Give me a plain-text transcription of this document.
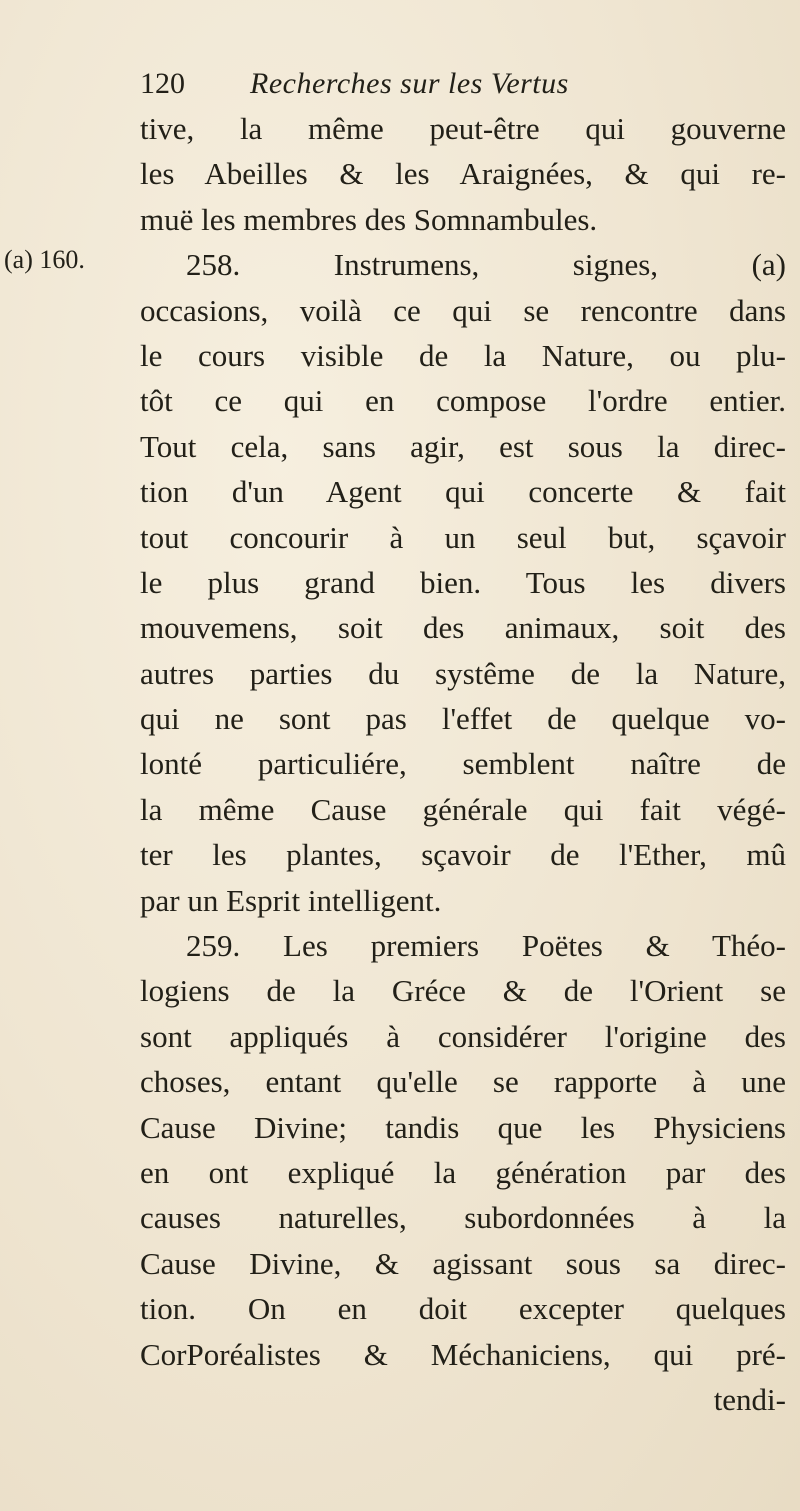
120 Recherches sur les Vertus
(a) 160.
tive, la même peut-être qui gouverne
les Abeilles & les Araignées, & qui re-
muë les membres des Somnambules.
258. Instrumens, signes, (a)
occasions, voilà ce qui se rencontre dans
le cours visible de la Nature, ou plu-
tôt ce qui en compose l'ordre entier.
Tout cela, sans agir, est sous la direc-
tion d'un Agent qui concerte & fait
tout concourir à un seul but, sçavoir
le plus grand bien. Tous les divers
mouvemens, soit des animaux, soit des
autres parties du systême de la Nature,
qui ne sont pas l'effet de quelque vo-
lonté particuliére, semblent naître de
la même Cause générale qui fait végé-
ter les plantes, sçavoir de l'Ether, mû
par un Esprit intelligent.
259. Les premiers Poëtes & Théo-
logiens de la Gréce & de l'Orient se
sont appliqués à considérer l'origine des
choses, entant qu'elle se rapporte à une
Cause Divine; tandis que les Physiciens
en ont expliqué la génération par des
causes naturelles, subordonnées à la
Cause Divine, & agissant sous sa direc-
tion. On en doit excepter quelques
CorPoréalistes & Méchaniciens, qui pré-
tendi-
